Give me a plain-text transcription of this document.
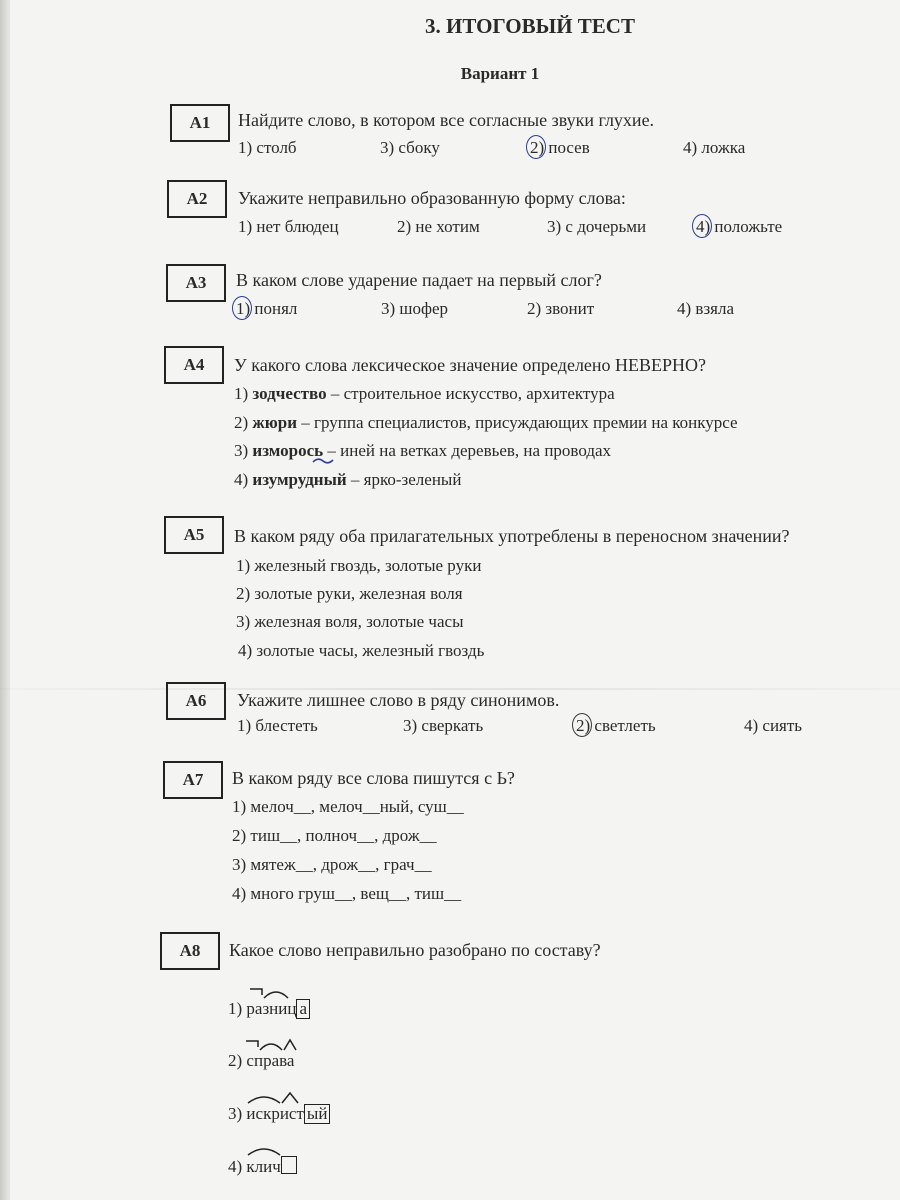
3. ИТОГОВЫЙ ТЕСТ
Вариант 1
A1	Найдите слово, в котором все согласные звуки глухие.
1) столб	3) сбоку	2) посев	4) ложка
A2	Укажите неправильно образованную форму слова:
1) нет блюдец	2) не хотим	3) с дочерьми	4) положьте
A3	В каком слове ударение падает на первый слог?
1) понял	3) шофер	2) звонит	4) взяла
A4	У какого слова лексическое значение определено НЕВЕРНО?
1) зодчество – строительное искусство, архитектура
2) жюри – группа специалистов, присуждающих премии на конкурсе
3) изморось – иней на ветках деревьев, на проводах
4) изумрудный – ярко-зеленый
A5	В каком ряду оба прилагательных употреблены в переносном значении?
1) железный гвоздь, золотые руки
2) золотые руки, железная воля
3) железная воля, золотые часы
4) золотые часы, железный гвоздь
A6	Укажите лишнее слово в ряду синонимов.
1) блестеть	3) сверкать	2) светлеть	4) сиять
A7	В каком ряду все слова пишутся с Ь?
1) мелоч__, мелоч__ный, суш__
2) тиш__, полноч__, дрож__
3) мятеж__, дрож__, грач__
4) много груш__, вещ__, тиш__
A8	Какое слово неправильно разобрано по составу?
1) разниц а
2) справа
3) искрист ый
4) клич
